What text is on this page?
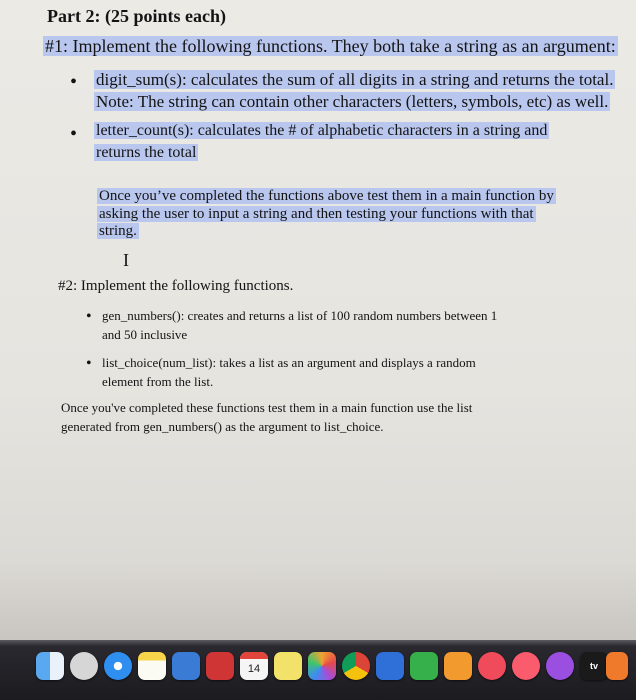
Part 2: (25 points each)
#1: Implement the following functions. They both take a string as an argument:
• digit_sum(s): calculates the sum of all digits in a string and returns the total.
Note: The string can contain other characters (letters, symbols, etc) as well.
• letter_count(s): calculates the # of alphabetic characters in a string and
returns the total
Once you’ve completed the functions above test them in a main function by
asking the user to input a string and then testing your functions with that
string.
I
#2: Implement the following functions.
• gen_numbers(): creates and returns a list of 100 random numbers between 1
and 50 inclusive
• list_choice(num_list): takes a list as an argument and displays a random
element from the list.
Once you've completed these functions test them in a main function use the list
generated from gen_numbers() as the argument to list_choice.
14	tv
